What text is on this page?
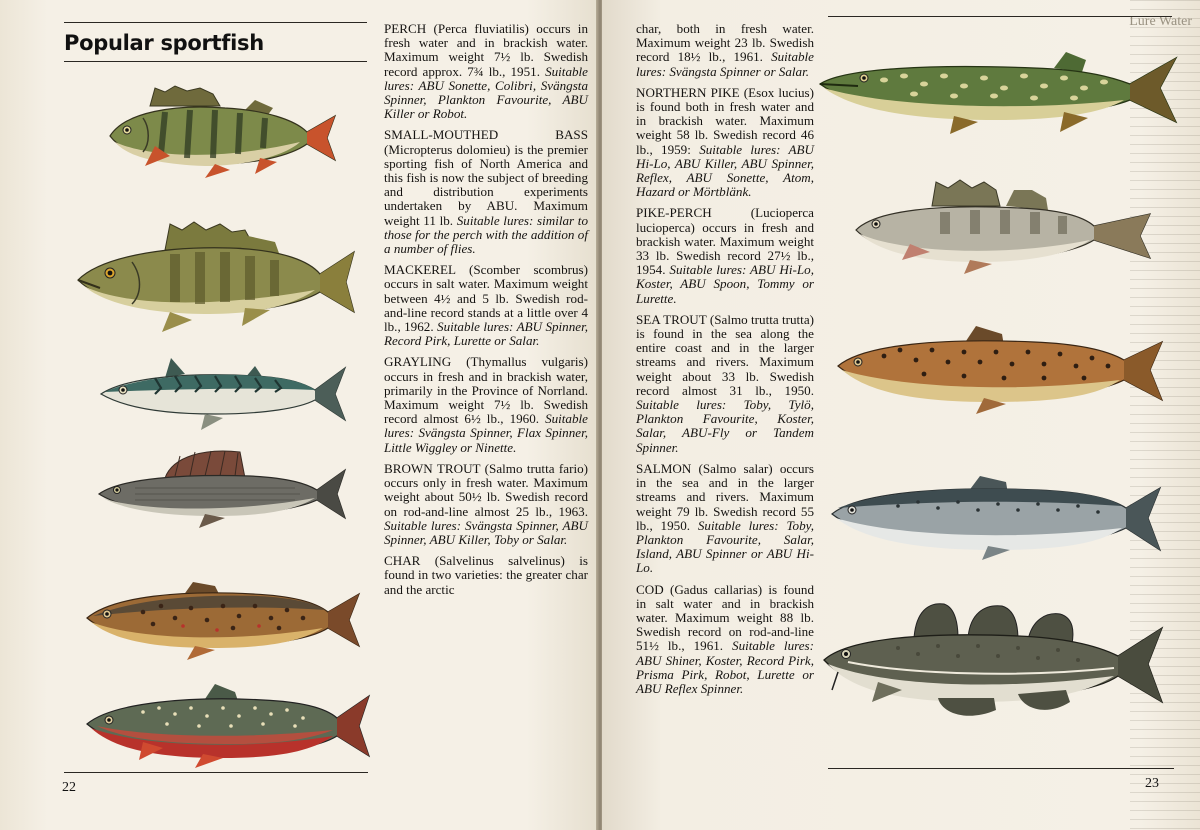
Popular sportfish
PERCH (Perca fluviatilis) occurs in fresh water and in brackish water. Maximum weight 7½ lb. Swedish record approx. 7¾ lb., 1951. Suitable lures: ABU Sonette, Colibri, Svängsta Spinner, Plankton Favourite, ABU Killer or Robot.
SMALL-MOUTHED BASS (Micropterus dolomieu) is the premier sporting fish of North America and this fish is now the subject of breeding and distribution experiments undertaken by ABU. Maximum weight 11 lb. Suitable lures: similar to those for the perch with the addition of a number of flies.
MACKEREL (Scomber scombrus) occurs in salt water. Maximum weight between 4½ and 5 lb. Swedish rod-and-line record stands at a little over 4 lb., 1962. Suitable lures: ABU Spinner, Record Pirk, Lurette or Salar.
GRAYLING (Thymallus vulgaris) occurs in fresh and in brackish water, primarily in the Province of Norrland. Maximum weight 7½ lb. Swedish record almost 6½ lb., 1960. Suitable lures: Svängsta Spinner, Flax Spinner, Little Wiggley or Ninette.
BROWN TROUT (Salmo trutta fario) occurs only in fresh water. Maximum weight about 50½ lb. Swedish record on rod-and-line almost 25 lb., 1963. Suitable lures: Svängsta Spinner, ABU Spinner, ABU Killer, Toby or Salar.
CHAR (Salvelinus salvelinus) is found in two varieties: the greater char and the arctic
22
Lure Water
char, both in fresh water. Maximum weight 23 lb. Swedish record 18½ lb., 1961. Suitable lures: Svängsta Spinner or Salar.
NORTHERN PIKE (Esox lucius) is found both in fresh water and in brackish water. Maximum weight 58 lb. Swedish record 46 lb., 1959: Suitable lures: ABU Hi-Lo, ABU Killer, ABU Spinner, Reflex, ABU Sonette, Atom, Hazard or Mörtblänk.
PIKE-PERCH (Lucioperca lucioperca) occurs in fresh and brackish water. Maximum weight 33 lb. Swedish record 27½ lb., 1954. Suitable lures: ABU Hi-Lo, Koster, ABU Spoon, Tommy or Lurette.
SEA TROUT (Salmo trutta trutta) is found in the sea along the entire coast and in the larger streams and rivers. Maximum weight about 33 lb. Swedish record almost 31 lb., 1950. Suitable lures: Toby, Tylö, Plankton Favourite, Koster, Salar, ABU-Fly or Tandem Spinner.
SALMON (Salmo salar) occurs in the sea and in the larger streams and rivers. Maximum weight 79 lb. Swedish record 55 lb., 1950. Suitable lures: Toby, Plankton Favourite, Salar, Island, ABU Spinner or ABU Hi-Lo.
COD (Gadus callarias) is found in salt water and in brackish water. Maximum weight 88 lb. Swedish record on rod-and-line 51½ lb., 1961. Suitable lures: ABU Shiner, Koster, Record Pirk, Prisma Pirk, Robot, Lurette or ABU Reflex Spinner.
23
